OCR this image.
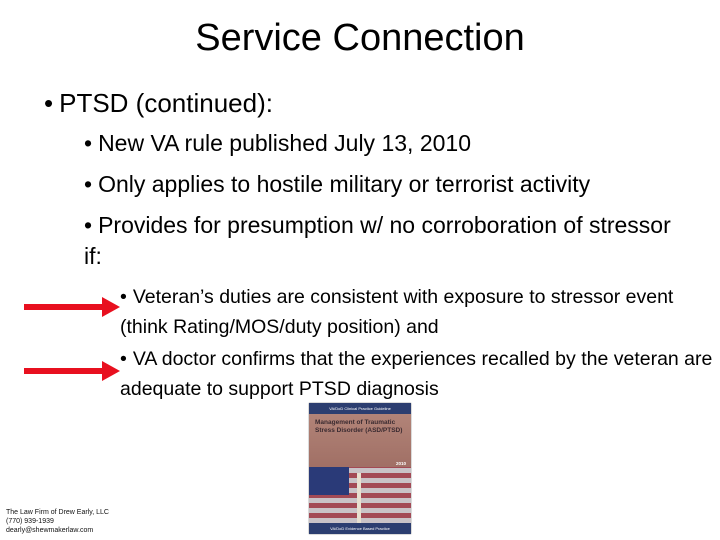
Service Connection
• PTSD (continued):
• New VA rule published July 13, 2010
• Only applies to hostile military or terrorist activity
• Provides for presumption w/ no corroboration of stressor if:
• Veteran’s duties are consistent with exposure to stressor event (think Rating/MOS/duty position) and
• VA doctor confirms that the experiences recalled by the veteran are adequate to support PTSD diagnosis
VA/DoD Clinical Practice Guideline
Management of Traumatic Stress Disorder (ASD/PTSD)
2010
VA/DoD Evidence Based Practice
The Law Firm of Drew Early, LLC
(770) 939-1939
dearly@shewmakerlaw.com
